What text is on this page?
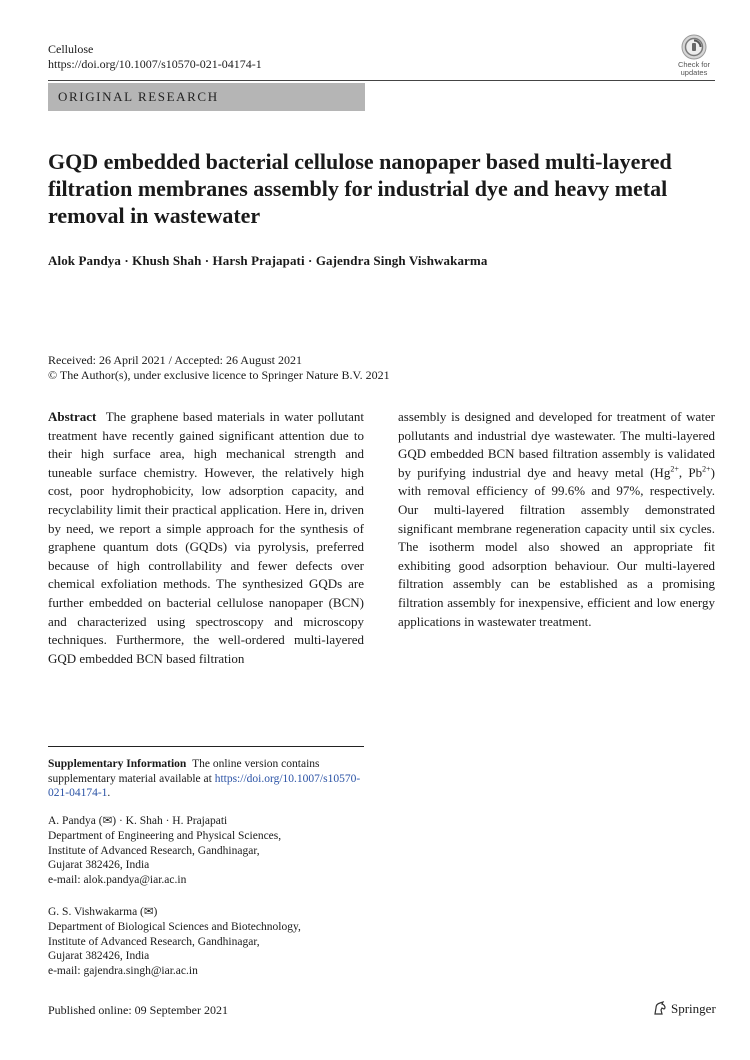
Cellulose
https://doi.org/10.1007/s10570-021-04174-1	Check for
updates
ORIGINAL RESEARCH
GQD embedded bacterial cellulose nanopaper based multi-layered filtration membranes assembly for industrial dye and heavy metal removal in wastewater
Alok Pandya · Khush Shah · Harsh Prajapati · Gajendra Singh Vishwakarma
Received: 26 April 2021 / Accepted: 26 August 2021
© The Author(s), under exclusive licence to Springer Nature B.V. 2021

Abstract The graphene based materials in water pollutant treatment have recently gained significant attention due to their high surface area, high mechanical strength and tuneable surface chemistry. However, the relatively high cost, poor hydrophobicity, low adsorption capacity, and recyclability limit their practical application. Here in, driven by need, we report a simple approach for the synthesis of graphene quantum dots (GQDs) via pyrolysis, preferred because of high controllability and fewer defects over chemical exfoliation methods. The synthesized GQDs are further embedded on bacterial cellulose nanopaper (BCN) and characterized using spectroscopy and microscopy techniques. Furthermore, the well-ordered multi-layered GQD embedded BCN based filtration

assembly is designed and developed for treatment of water pollutants and industrial dye wastewater. The multi-layered GQD embedded BCN based filtration assembly is validated by purifying industrial dye and heavy metal ($Hg^{2+}$, $Pb^{2+}$) with removal efficiency of 99.6% and 97%, respectively. Our multi-layered filtration assembly demonstrated significant membrane regeneration capacity until six cycles. The isotherm model also showed an appropriate fit exhibiting good adsorption behaviour. Our multi-layered filtration assembly can be established as a promising filtration assembly for inexpensive, efficient and low energy applications in wastewater treatment.

Supplementary Information The online version contains supplementary material available at https://doi.org/10.1007/s10570-021-04174-1.
A. Pandya (✉) · K. Shah · H. Prajapati
Department of Engineering and Physical Sciences,
Institute of Advanced Research, Gandhinagar,
Gujarat 382426, India
e-mail: alok.pandya@iar.ac.in
G. S. Vishwakarma (✉)
Department of Biological Sciences and Biotechnology,
Institute of Advanced Research, Gandhinagar,
Gujarat 382426, India
e-mail: gajendra.singh@iar.ac.in
Published online: 09 September 2021	Springer
